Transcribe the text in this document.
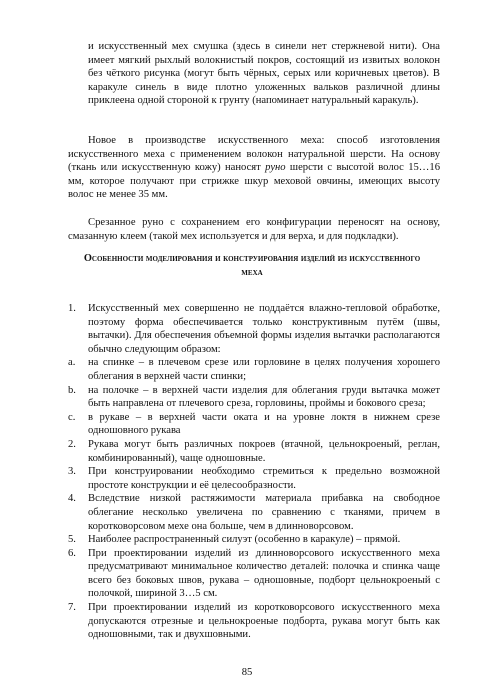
и искусственный мех смушка (здесь в синели нет стержневой нити). Она имеет мягкий рыхлый волокнистый покров, состоящий из извитых волокон без чёткого рисунка (могут быть чёрных, серых или коричневых цветов). В каракуле синель в виде плотно уложенных вальков различной длины приклеена одной стороной к грунту (напоминает натуральный каракуль).

Новое в производстве искусственного меха: способ изготовления искусственного меха с применением волокон натуральной шерсти. На основу (ткань или искусственную кожу) наносят руно шерсти с высотой волос 15…16 мм, которое получают при стрижке шкур меховой овчины, имеющих высоту волос не менее 35 мм.

Срезанное руно с сохранением его конфигурации переносят на основу, смазанную клеем (такой мех используется и для верха, и для подкладки).

Особенности моделирования и конструирования изделий из искусственного меха
1. Искусственный мех совершенно не поддаётся влажно-тепловой обработке, поэтому форма обеспечивается только конструктивным путём (швы, вытачки). Для обеспечения объемной формы изделия вытачки располагаются обычно следующим образом:
a. на спинке – в плечевом срезе или горловине в целях получения хорошего облегания в верхней части спинки;
b. на полочке – в верхней части изделия для облегания груди вытачка может быть направлена от плечевого среза, горловины, проймы и бокового среза;
c. в рукаве – в верхней части оката и на уровне локтя в нижнем срезе одношовного рукава
2. Рукава могут быть различных покроев (втачной, цельнокроеный, реглан, комбинированный), чаще одношовные.
3. При конструировании необходимо стремиться к предельно возможной простоте конструкции и её целесообразности.
4. Вследствие низкой растяжимости материала прибавка на свободное облегание несколько увеличена по сравнению с тканями, причем в коротковорсовом мехе она больше, чем в длинноворсовом.
5. Наиболее распространенный силуэт (особенно в каракуле) – прямой.
6. При проектировании изделий из длинноворсового искусственного меха предусматривают минимальное количество деталей: полочка и спинка чаще всего без боковых швов, рукава – одношовные, подборт цельнокроеный с полочкой, шириной 3…5 см.
7. При проектировании изделий из коротковорсового искусственного меха допускаются отрезные и цельнокроеные подборта, рукава могут быть как одношовными, так и двухшовными.
85
